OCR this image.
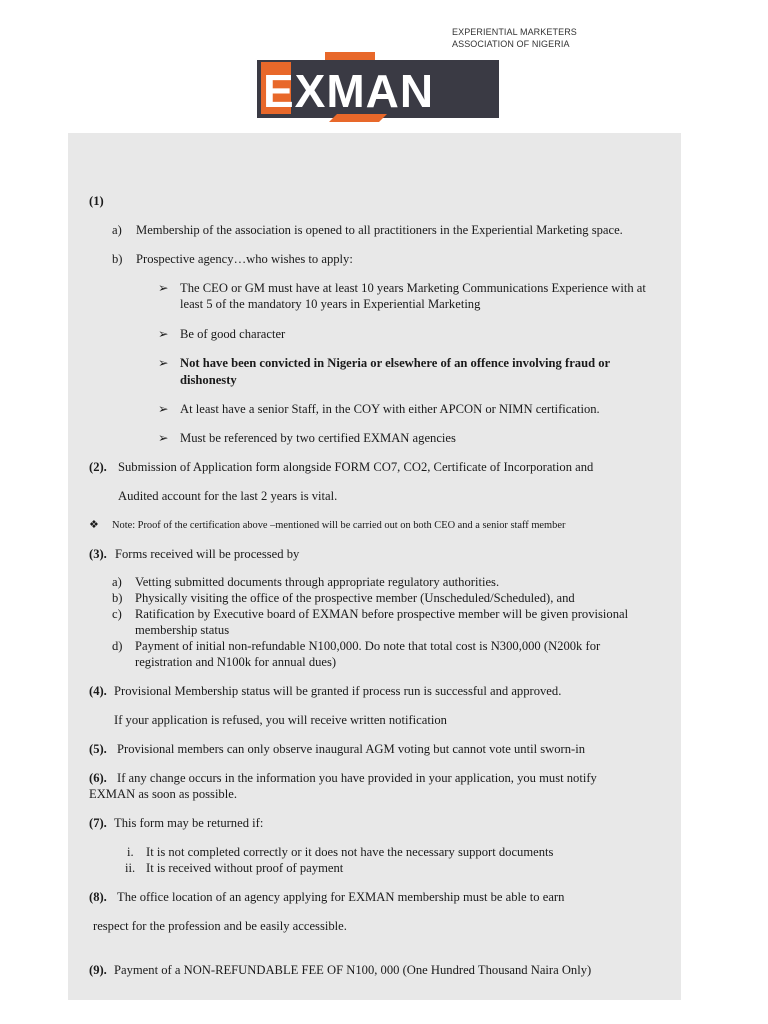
EXPERIENTIAL MARKETERS
ASSOCIATION OF NIGERIA
EXMAN
(1)
a) Membership of the association is opened to all practitioners in the Experiential Marketing space.
b) Prospective agency…who wishes to apply:
➢ The CEO or GM must have at least 10 years Marketing Communications Experience with at
least 5 of the mandatory 10 years in Experiential Marketing
➢ Be of good character
➢ Not have been convicted in Nigeria or elsewhere of an offence involving fraud or
dishonesty
➢ At least have a senior Staff, in the COY with either APCON or NIMN certification.
➢ Must be referenced by two certified EXMAN agencies
(2). Submission of Application form alongside FORM CO7, CO2, Certificate of Incorporation and
Audited account for the last 2 years is vital.
❖ Note: Proof of the certification above –mentioned will be carried out on both CEO and a senior staff member
(3). Forms received will be processed by
a) Vetting submitted documents through appropriate regulatory authorities.
b) Physically visiting the office of the prospective member (Unscheduled/Scheduled), and
c) Ratification by Executive board of EXMAN before prospective member will be given provisional
membership status
d) Payment of initial non-refundable N100,000. Do note that total cost is N300,000 (N200k for
registration and N100k for annual dues)
(4). Provisional Membership status will be granted if process run is successful and approved.
If your application is refused, you will receive written notification
(5). Provisional members can only observe inaugural AGM voting but cannot vote until sworn-in
(6). If any change occurs in the information you have provided in your application, you must notify
EXMAN as soon as possible.
(7). This form may be returned if:
i. It is not completed correctly or it does not have the necessary support documents
ii. It is received without proof of payment
(8). The office location of an agency applying for EXMAN membership must be able to earn
respect for the profession and be easily accessible.
(9). Payment of a NON-REFUNDABLE FEE OF N100, 000 (One Hundred Thousand Naira Only)
